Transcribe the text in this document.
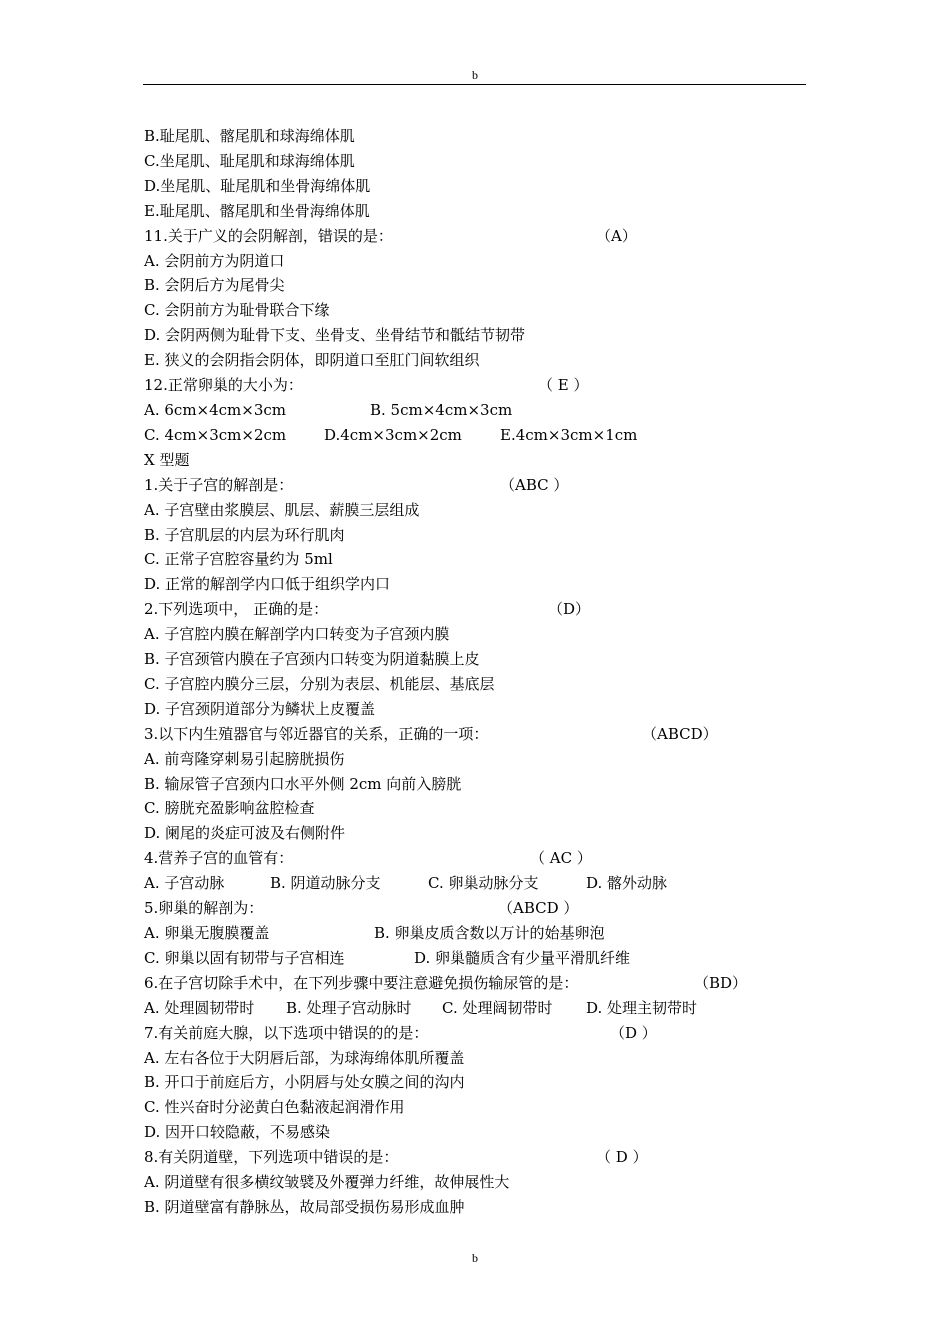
b
B.耻尾肌、髂尾肌和球海绵体肌
C.坐尾肌、耻尾肌和球海绵体肌
D.坐尾肌、耻尾肌和坐骨海绵体肌
E.耻尾肌、髂尾肌和坐骨海绵体肌
11.关于广义的会阴解剖，错误的是：	（A）
A. 会阴前方为阴道口
B. 会阴后方为尾骨尖
C. 会阴前方为耻骨联合下缘
D. 会阴两侧为耻骨下支、坐骨支、坐骨结节和骶结节韧带
E. 狭义的会阴指会阴体，即阴道口至肛门间软组织
12.正常卵巢的大小为：	（ E ）
A. 6cm×4cm×3cm	B. 5cm×4cm×3cm
C. 4cm×3cm×2cm	D.4cm×3cm×2cm	E.4cm×3cm×1cm
X 型题
1.关于子宫的解剖是：	（ABC ）
A. 子宫壁由浆膜层、肌层、薪膜三层组成
B. 子宫肌层的内层为环行肌肉
C. 正常子宫腔容量约为 5ml
D. 正常的解剖学内口低于组织学内口
2.下列选项中， 正确的是：	（D）
A. 子宫腔内膜在解剖学内口转变为子宫颈内膜
B. 子宫颈管内膜在子宫颈内口转变为阴道黏膜上皮
C. 子宫腔内膜分三层，分别为表层、机能层、基底层
D. 子宫颈阴道部分为鳞状上皮覆盖
3.以下内生殖器官与邻近器官的关系，正确的一项：	（ABCD）
A. 前弯隆穿刺易引起膀胱损伤
B. 输尿管子宫颈内口水平外侧 2cm 向前入膀胱
C. 膀胱充盈影响盆腔检查
D. 阑尾的炎症可波及右侧附件
4.营养子宫的血管有：	（ AC ）
A. 子宫动脉	B. 阴道动脉分支	C. 卵巢动脉分支	D. 髂外动脉
5.卵巢的解剖为：	（ABCD ）
A. 卵巢无腹膜覆盖	B. 卵巢皮质含数以万计的始基卵泡
C. 卵巢以固有韧带与子宫相连	D. 卵巢髓质含有少量平滑肌纤维
6.在子宫切除手术中，在下列步骤中要注意避免损伤输尿管的是：	（BD）
A. 处理圆韧带时 B. 处理子宫动脉时 C. 处理阔韧带时 D. 处理主韧带时
7.有关前庭大腺，以下选项中错误的的是：	（D ）
A. 左右各位于大阴唇后部，为球海绵体肌所覆盖
B. 开口于前庭后方，小阴唇与处女膜之间的沟内
C. 性兴奋时分泌黄白色黏液起润滑作用
D. 因开口较隐蔽，不易感染
8.有关阴道壁，下列选项中错误的是：	（ D ）
A. 阴道壁有很多横纹皱襞及外覆弹力纤维，故伸展性大
B. 阴道壁富有静脉丛，故局部受损伤易形成血肿
b
